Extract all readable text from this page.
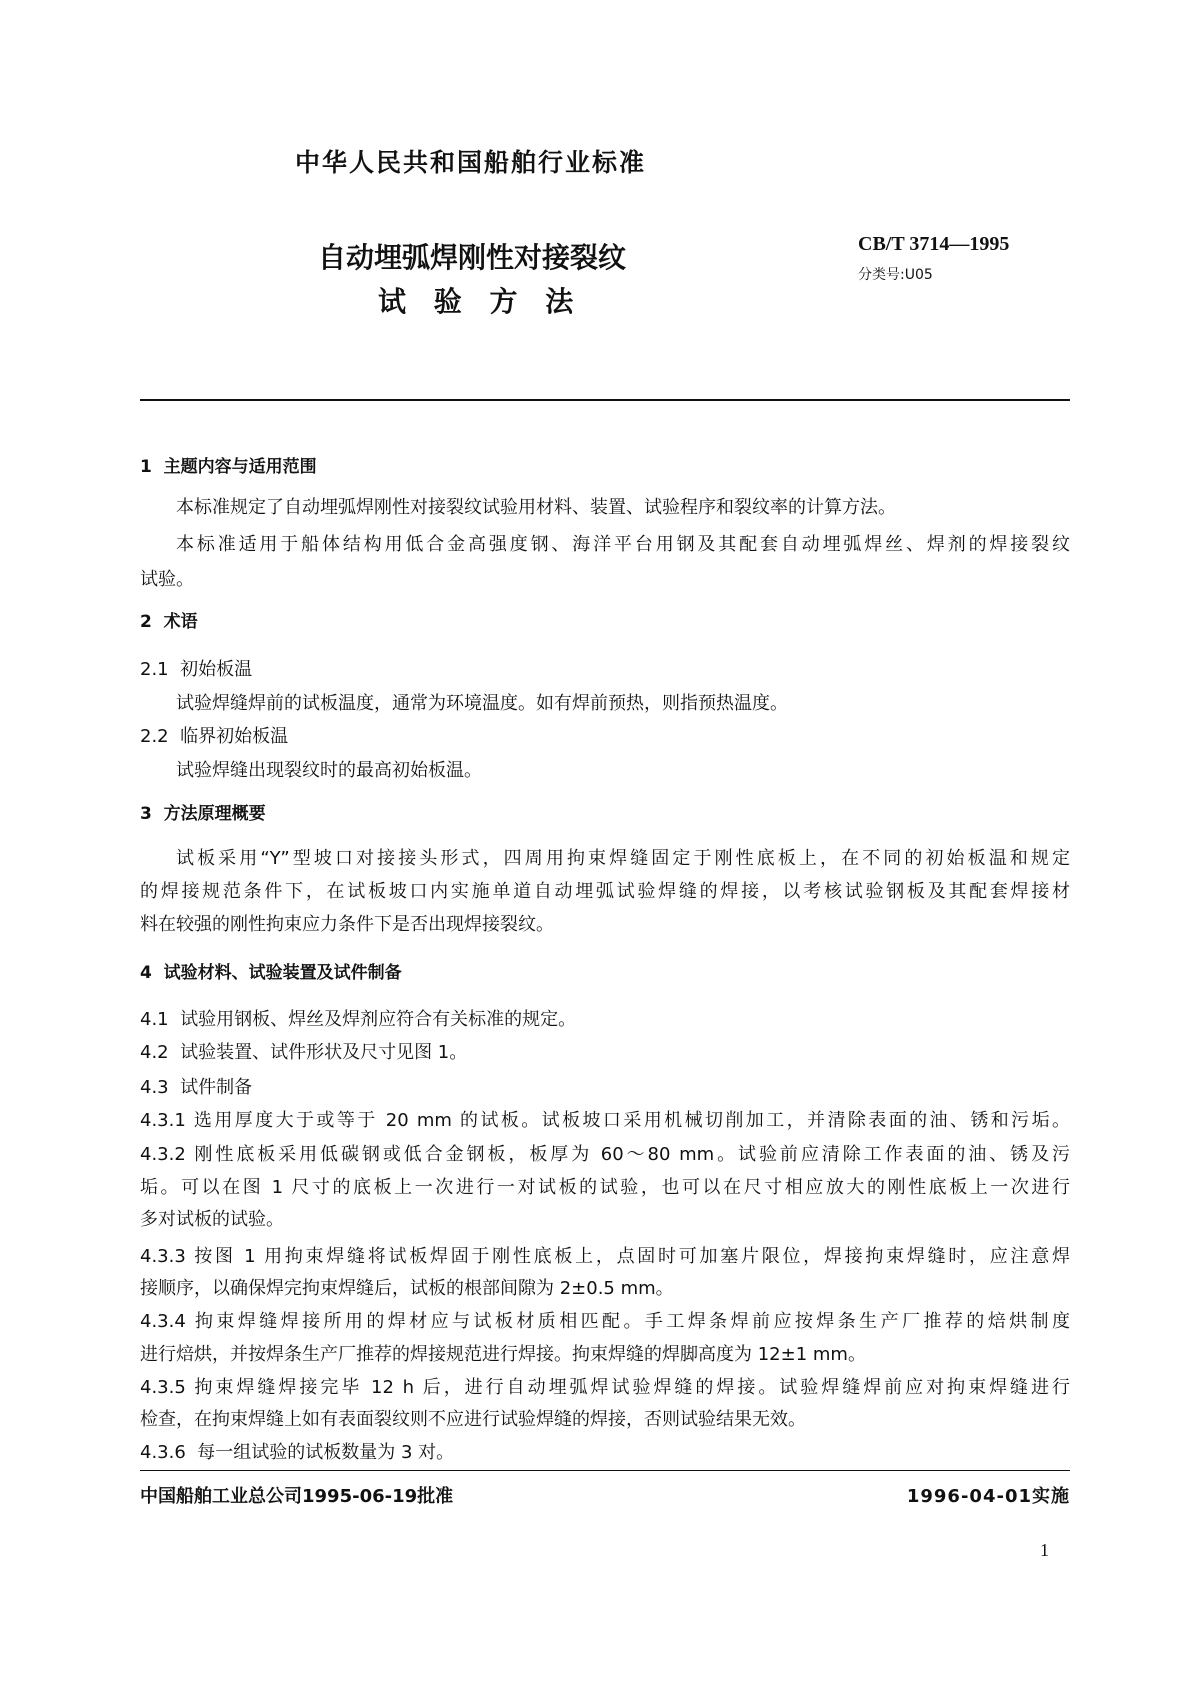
中华人民共和国船舶行业标准
自动埋弧焊刚性对接裂纹
试 验 方 法
CB/T 3714—1995
分类号:U05
1  主题内容与适用范围
本标准规定了自动埋弧焊刚性对接裂纹试验用材料、装置、试验程序和裂纹率的计算方法。
本标准适用于船体结构用低合金高强度钢、海洋平台用钢及其配套自动埋弧焊丝、焊剂的焊接裂纹
试验。
2  术语
2.1  初始板温
试验焊缝焊前的试板温度，通常为环境温度。如有焊前预热，则指预热温度。
2.2  临界初始板温
试验焊缝出现裂纹时的最高初始板温。
3  方法原理概要
试板采用“Y”型坡口对接接头形式，四周用拘束焊缝固定于刚性底板上，在不同的初始板温和规定
的焊接规范条件下，在试板坡口内实施单道自动埋弧试验焊缝的焊接，以考核试验钢板及其配套焊接材
料在较强的刚性拘束应力条件下是否出现焊接裂纹。
4  试验材料、试验装置及试件制备
4.1  试验用钢板、焊丝及焊剂应符合有关标准的规定。
4.2  试验装置、试件形状及尺寸见图 1。
4.3  试件制备
4.3.1 选用厚度大于或等于 20 mm 的试板。试板坡口采用机械切削加工，并清除表面的油、锈和污垢。
4.3.2 刚性底板采用低碳钢或低合金钢板，板厚为 60～80 mm。试验前应清除工作表面的油、锈及污
垢。可以在图 1 尺寸的底板上一次进行一对试板的试验，也可以在尺寸相应放大的刚性底板上一次进行
多对试板的试验。
4.3.3 按图 1 用拘束焊缝将试板焊固于刚性底板上，点固时可加塞片限位，焊接拘束焊缝时，应注意焊
接顺序，以确保焊完拘束焊缝后，试板的根部间隙为 2±0.5 mm。
4.3.4 拘束焊缝焊接所用的焊材应与试板材质相匹配。手工焊条焊前应按焊条生产厂推荐的焙烘制度
进行焙烘，并按焊条生产厂推荐的焊接规范进行焊接。拘束焊缝的焊脚高度为 12±1 mm。
4.3.5 拘束焊缝焊接完毕 12 h 后，进行自动埋弧焊试验焊缝的焊接。试验焊缝焊前应对拘束焊缝进行
检查，在拘束焊缝上如有表面裂纹则不应进行试验焊缝的焊接，否则试验结果无效。
4.3.6  每一组试验的试板数量为 3 对。
中国船舶工业总公司1995-06-19批准	1996-04-01实施
1
